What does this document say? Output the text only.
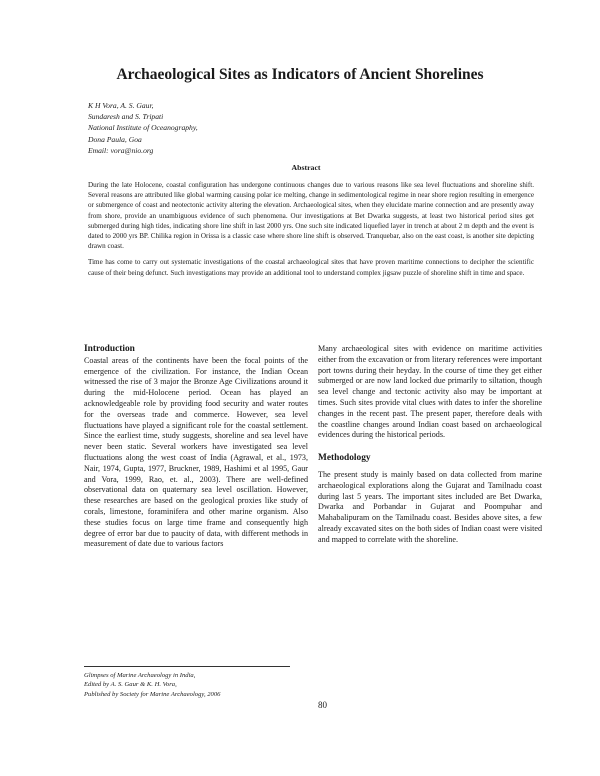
Archaeological Sites as Indicators of Ancient Shorelines
K H Vora, A. S. Gaur,
Sundaresh and S. Tripati
National Institute of Oceanography,
Dona Paula, Goa
Email: vora@nio.org
Abstract

During the late Holocene, coastal configuration has undergone continuous changes due to various reasons like sea level fluctuations and shoreline shift. Several reasons are attributed like global warming causing polar ice melting, change in sedimentological regime in near shore region resulting in emergence or submergence of coast and neotectonic activity altering the elevation. Archaeological sites, when they elucidate marine connection and are presently away from shore, provide an unambiguous evidence of such phenomena. Our investigations at Bet Dwarka suggests, at least two historical period sites get submerged during high tides, indicating shore line shift in last 2000 yrs. One such site indicated liquefied layer in trench at about 2 m depth and the event is dated to 2000 yrs BP. Chilika region in Orissa is a classic case where shore line shift is observed. Tranquebar, also on the east coast, is another site depicting drawn coast.

Time has come to carry out systematic investigations of the coastal archaeological sites that have proven maritime connections to decipher the scientific cause of their being defunct. Such investigations may provide an additional tool to understand complex jigsaw puzzle of shoreline shift in time and space.

Introduction

Coastal areas of the continents have been the focal points of the emergence of the civilization. For instance, the Indian Ocean witnessed the rise of 3 major the Bronze Age Civilizations around it during the mid-Holocene period. Ocean has played an acknowledgeable role by providing food security and water routes for the overseas trade and commerce. However, sea level fluctuations have played a significant role for the coastal settlement. Since the earliest time, study suggests, shoreline and sea level have never been static. Several workers have investigated sea level fluctuations along the west coast of India (Agrawal, et al., 1973, Nair, 1974, Gupta, 1977, Bruckner, 1989, Hashimi et al 1995, Gaur and Vora, 1999, Rao, et. al., 2003). There are well-defined observational data on quaternary sea level oscillation. However, these researches are based on the geological proxies like study of corals, limestone, foraminifera and other marine organism. Also these studies focus on large time frame and consequently high degree of error bar due to paucity of data, with different methods in measurement of date due to various factors

Many archaeological sites with evidence on maritime activities either from the excavation or from literary references were important port towns during their heyday. In the course of time they get either submerged or are now land locked due primarily to siltation, though sea level change and tectonic activity also may be important at times. Such sites provide vital clues with dates to infer the shoreline changes in the recent past. The present paper, therefore deals with the coastline changes around Indian coast based on archaeological evidences during the historical periods.

Methodology

The present study is mainly based on data collected from marine archaeological explorations along the Gujarat and Tamilnadu coast during last 5 years. The important sites included are Bet Dwarka, Dwarka and Porbandar in Gujarat and Poompuhar and Mahabalipuram on the Tamilnadu coast. Besides above sites, a few already excavated sites on the both sides of Indian coast were visited and mapped to correlate with the shoreline.

Glimpses of Marine Archaeology in India,
Edited by A. S. Gaur & K. H. Vora,
Published by Society for Marine Archaeology, 2006
80
